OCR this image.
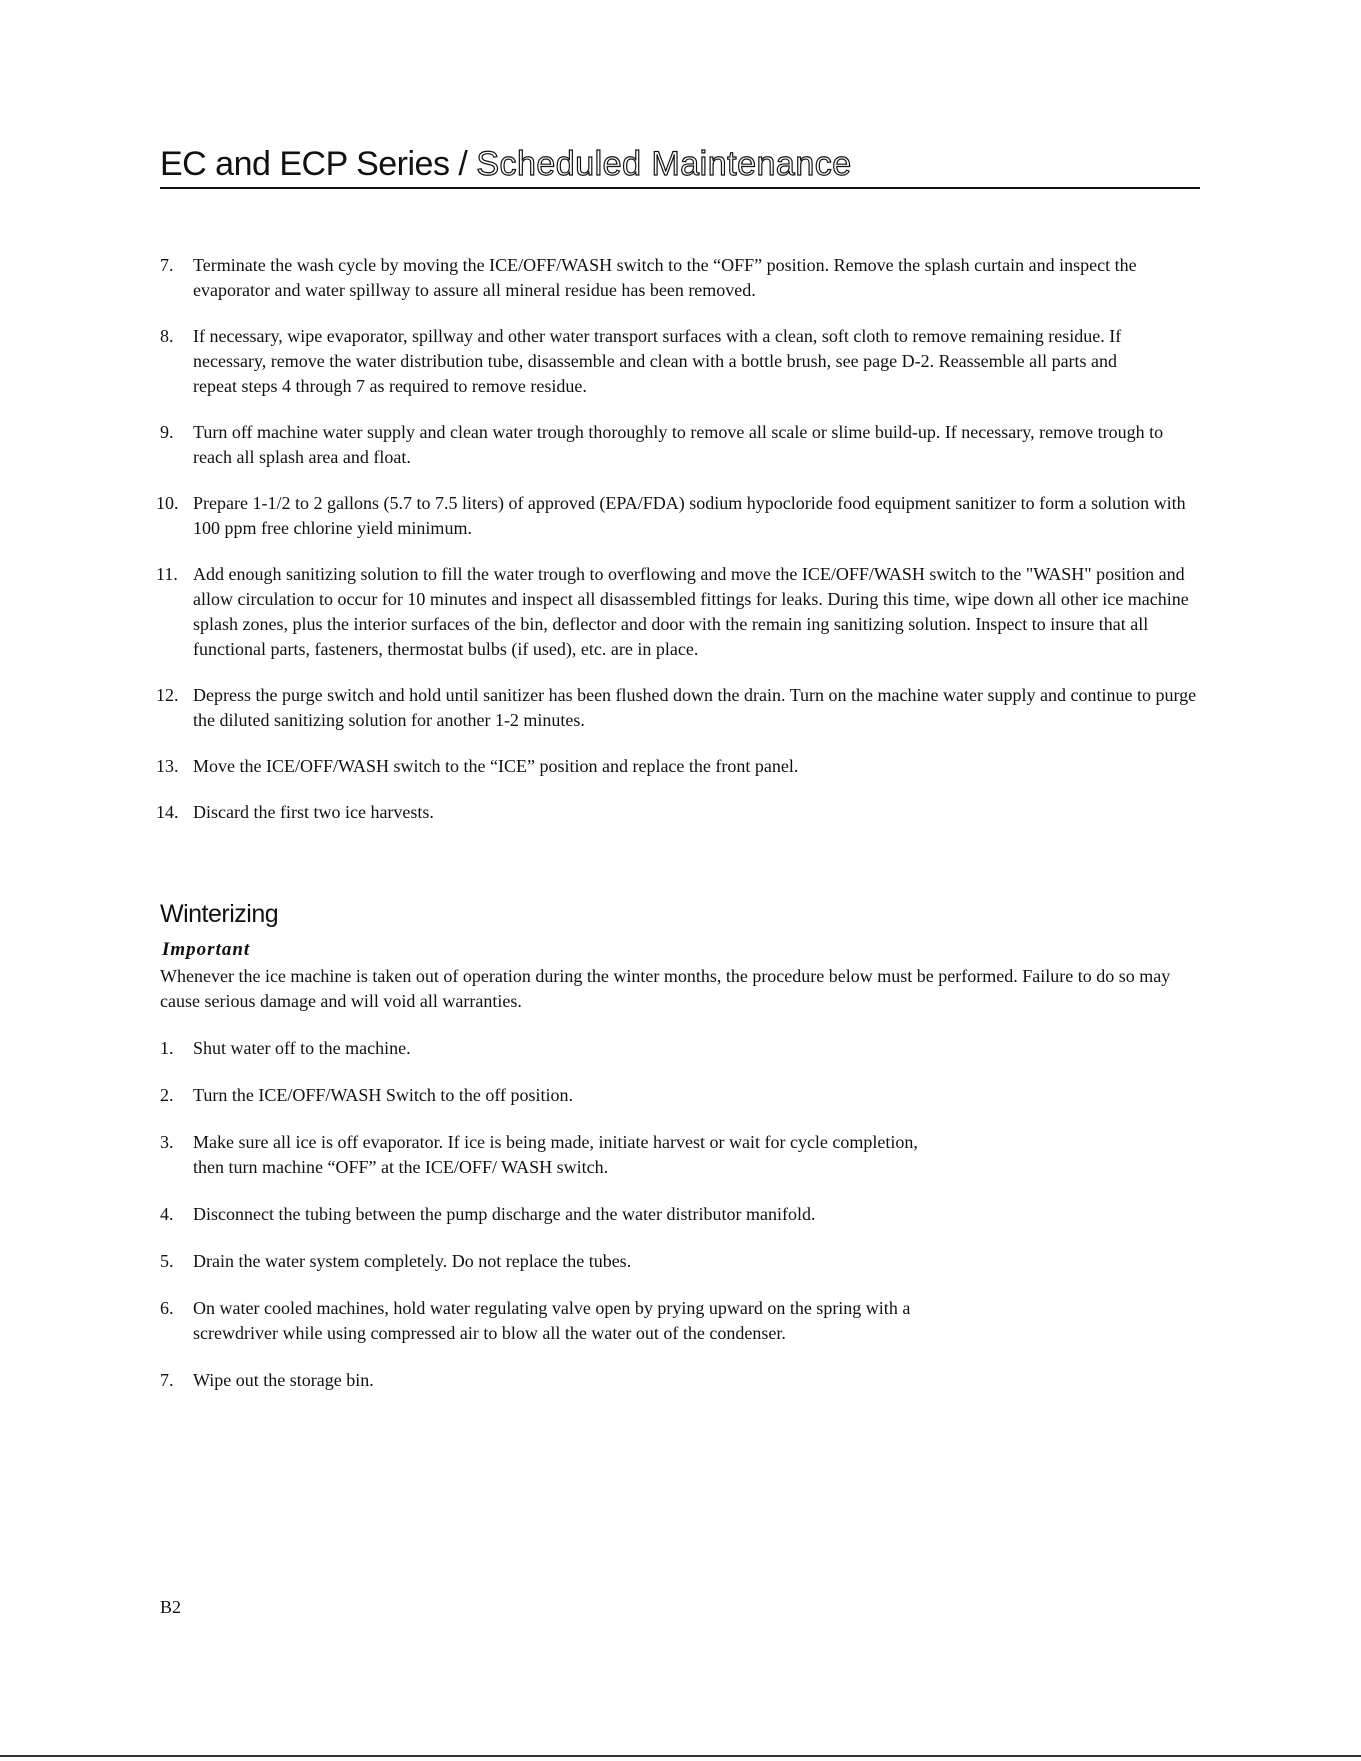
EC and ECP Series / Scheduled Maintenance
7. Terminate the wash cycle by moving the ICE/OFF/WASH switch to the “OFF” position. Remove the splash curtain and inspect the evaporator and water spillway to assure all mineral residue has been removed.
8. If necessary, wipe evaporator, spillway and other water transport surfaces with a clean, soft cloth to remove remaining residue. If necessary, remove the water distribution tube, disassemble and clean with a bottle brush, see page D-2. Reassemble all parts and repeat steps 4 through 7 as required to remove residue.
9. Turn off machine water supply and clean water trough thoroughly to remove all scale or slime build-up. If necessary, remove trough to reach all splash area and float.
10. Prepare 1-1/2 to 2 gallons (5.7 to 7.5 liters) of approved (EPA/FDA) sodium hypocloride food equipment sanitizer to form a solution with 100 ppm free chlorine yield minimum.
11. Add enough sanitizing solution to fill the water trough to overflowing and move the ICE/OFF/WASH switch to the "WASH" position and allow circulation to occur for 10 minutes and inspect all disassembled fittings for leaks. During this time, wipe down all other ice machine splash zones, plus the interior surfaces of the bin, deflector and door with the remain ing sanitizing solution. Inspect to insure that all functional parts, fasteners, thermostat bulbs (if used), etc. are in place.
12. Depress the purge switch and hold until sanitizer has been flushed down the drain. Turn on the machine water supply and continue to purge the diluted sanitizing solution for another 1-2 minutes.
13. Move the ICE/OFF/WASH switch to the “ICE” position and replace the front panel.
14. Discard the first two ice harvests.
Winterizing
Important

Whenever the ice machine is taken out of operation during the winter months, the procedure below must be performed. Failure to do so may cause serious damage and will void all warranties.

1. Shut water off to the machine.
2. Turn the ICE/OFF/WASH Switch to the off position.
3. Make sure all ice is off evaporator. If ice is being made, initiate harvest or wait for cycle completion, then turn machine “OFF” at the ICE/OFF/ WASH switch.
4. Disconnect the tubing between the pump discharge and the water distributor manifold.
5. Drain the water system completely. Do not replace the tubes.
6. On water cooled machines, hold water regulating valve open by prying upward on the spring with a screwdriver while using compressed air to blow all the water out of the condenser.
7. Wipe out the storage bin.
B2
